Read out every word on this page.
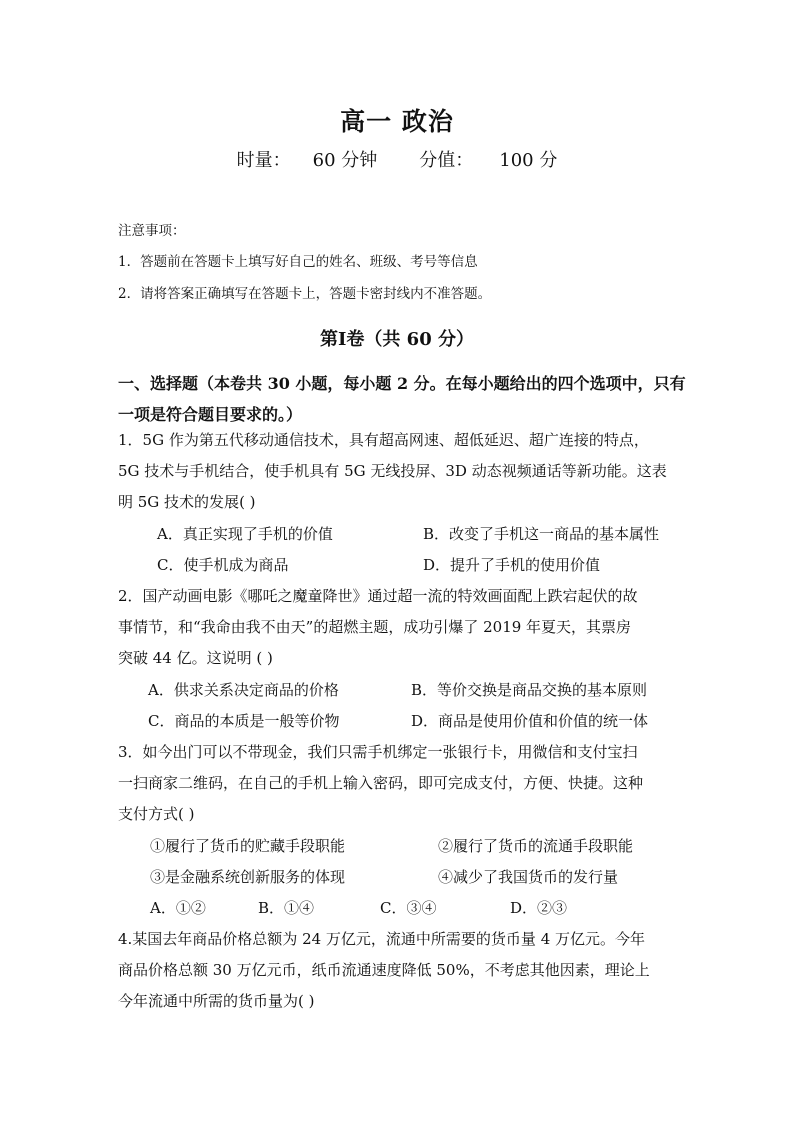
高一 政治
时量： 60 分钟 分值： 100 分
注意事项：
1．答题前在答题卡上填写好自己的姓名、班级、考号等信息
2．请将答案正确填写在答题卡上，答题卡密封线内不准答题。
第Ⅰ卷（共 60 分）
一、选择题（本卷共 30 小题，每小题 2 分。在每小题给出的四个选项中，只有一项是符合题目要求的。）
1．5G 作为第五代移动通信技术，具有超高网速、超低延迟、超广连接的特点，
5G 技术与手机结合，使手机具有 5G 无线投屏、3D 动态视频通话等新功能。这表
明 5G 技术的发展( )
A．真正实现了手机的价值	B．改变了手机这一商品的基本属性
C．使手机成为商品	D．提升了手机的使用价值
2．国产动画电影《哪吒之魔童降世》通过超一流的特效画面配上跌宕起伏的故
事情节，和“我命由我不由天”的超燃主题，成功引爆了 2019 年夏天，其票房
突破 44 亿。这说明 ( )
A．供求关系决定商品的价格	B．等价交换是商品交换的基本原则
C．商品的本质是一般等价物	D．商品是使用价值和价值的统一体
3．如今出门可以不带现金，我们只需手机绑定一张银行卡，用微信和支付宝扫
一扫商家二维码，在自己的手机上输入密码，即可完成支付，方便、快捷。这种
支付方式( )
①履行了货币的贮藏手段职能	②履行了货币的流通手段职能
③是金融系统创新服务的体现	④减少了我国货币的发行量
A．①②	B．①④	C．③④	D．②③
4.某国去年商品价格总额为 24 万亿元，流通中所需要的货币量 4 万亿元。今年
商品价格总额 30 万亿元币，纸币流通速度降低 50%，不考虑其他因素，理论上
今年流通中所需的货币量为( )
